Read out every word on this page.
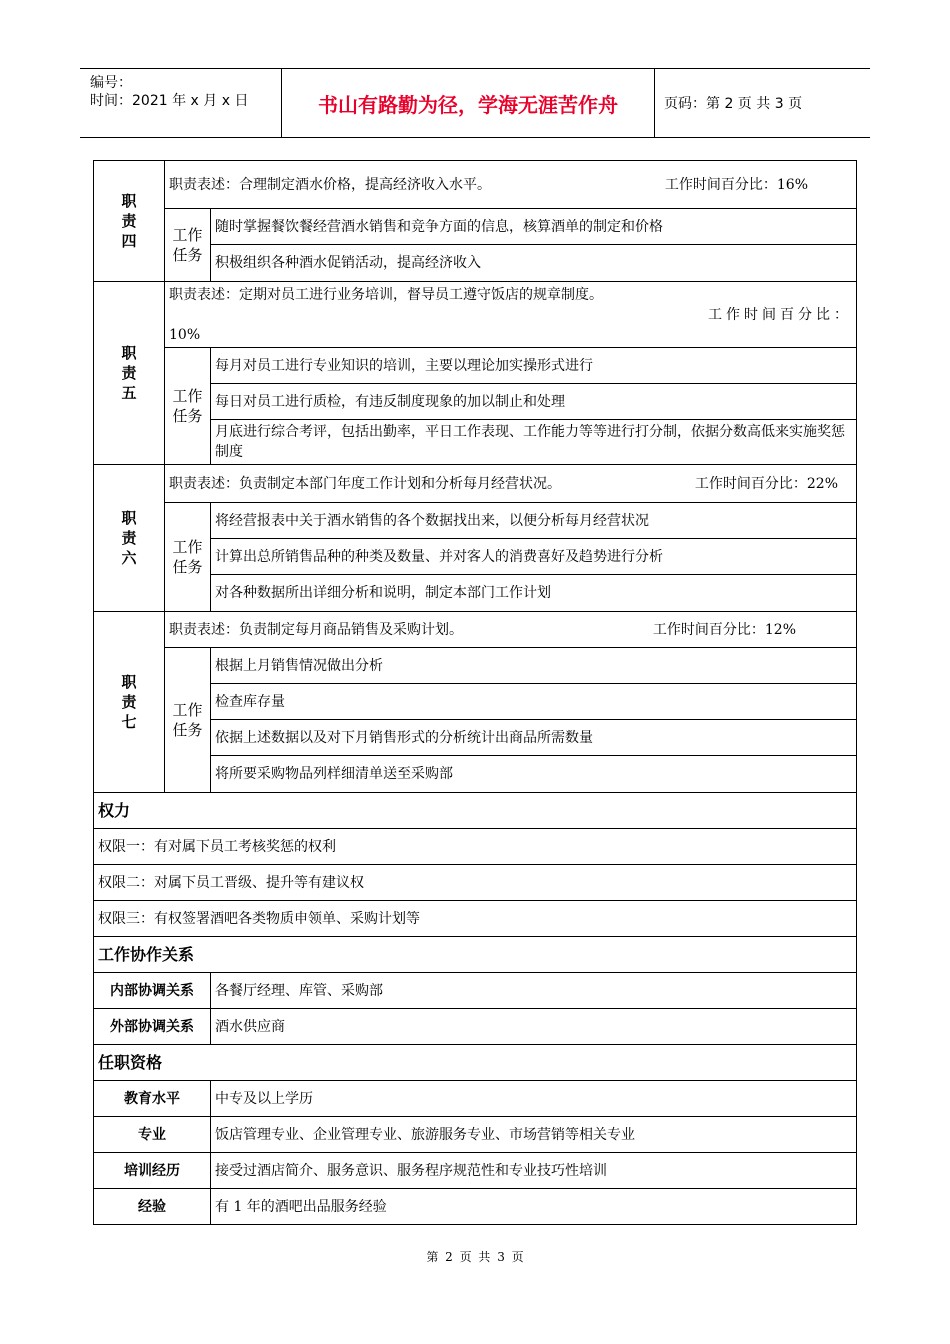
编号：
时间：2021 年 x 月 x 日	书山有路勤为径，学海无涯苦作舟	页码：第 2 页 共 3 页
职责四	职责表述：合理制定酒水价格，提高经济收入水平。 工作时间百分比：16%	

	工作任务	随时掌握餐饮餐经营酒水销售和竞争方面的信息，核算酒单的制定和价格
		积极组织各种酒水促销活动，提高经济收入
职责五	职责表述：定期对员工进行业务培训，督导员工遵守饭店的规章制度。
工作时间百分比：
10%	

	工作任务	每月对员工进行专业知识的培训，主要以理论加实操形式进行
		每日对员工进行质检，有违反制度现象的加以制止和处理
		月底进行综合考评，包括出勤率，平日工作表现、工作能力等等进行打分制，依据分数高低来实施奖惩制度
职责六	职责表述：负责制定本部门年度工作计划和分析每月经营状况。 工作时间百分比：22%	

	工作任务	将经营报表中关于酒水销售的各个数据找出来，以便分析每月经营状况
		计算出总所销售品种的种类及数量、并对客人的消费喜好及趋势进行分析
		对各种数据所出详细分析和说明，制定本部门工作计划
职责七	职责表述：负责制定每月商品销售及采购计划。 工作时间百分比：12%	

	工作任务	根据上月销售情况做出分析
		检查库存量
		依据上述数据以及对下月销售形式的分析统计出商品所需数量
		将所要采购物品列样细清单送至采购部
权力		
权限一：有对属下员工考核奖惩的权利		
权限二：对属下员工晋级、提升等有建议权		
权限三：有权签署酒吧各类物质申领单、采购计划等		
工作协作关系		
内部协调关系		各餐厅经理、库管、采购部
外部协调关系		酒水供应商
任职资格		
教育水平		中专及以上学历
专业		饭店管理专业、企业管理专业、旅游服务专业、市场营销等相关专业
培训经历		接受过酒店简介、服务意识、服务程序规范性和专业技巧性培训
经验		有 1 年的酒吧出品服务经验
第 2 页 共 3 页
